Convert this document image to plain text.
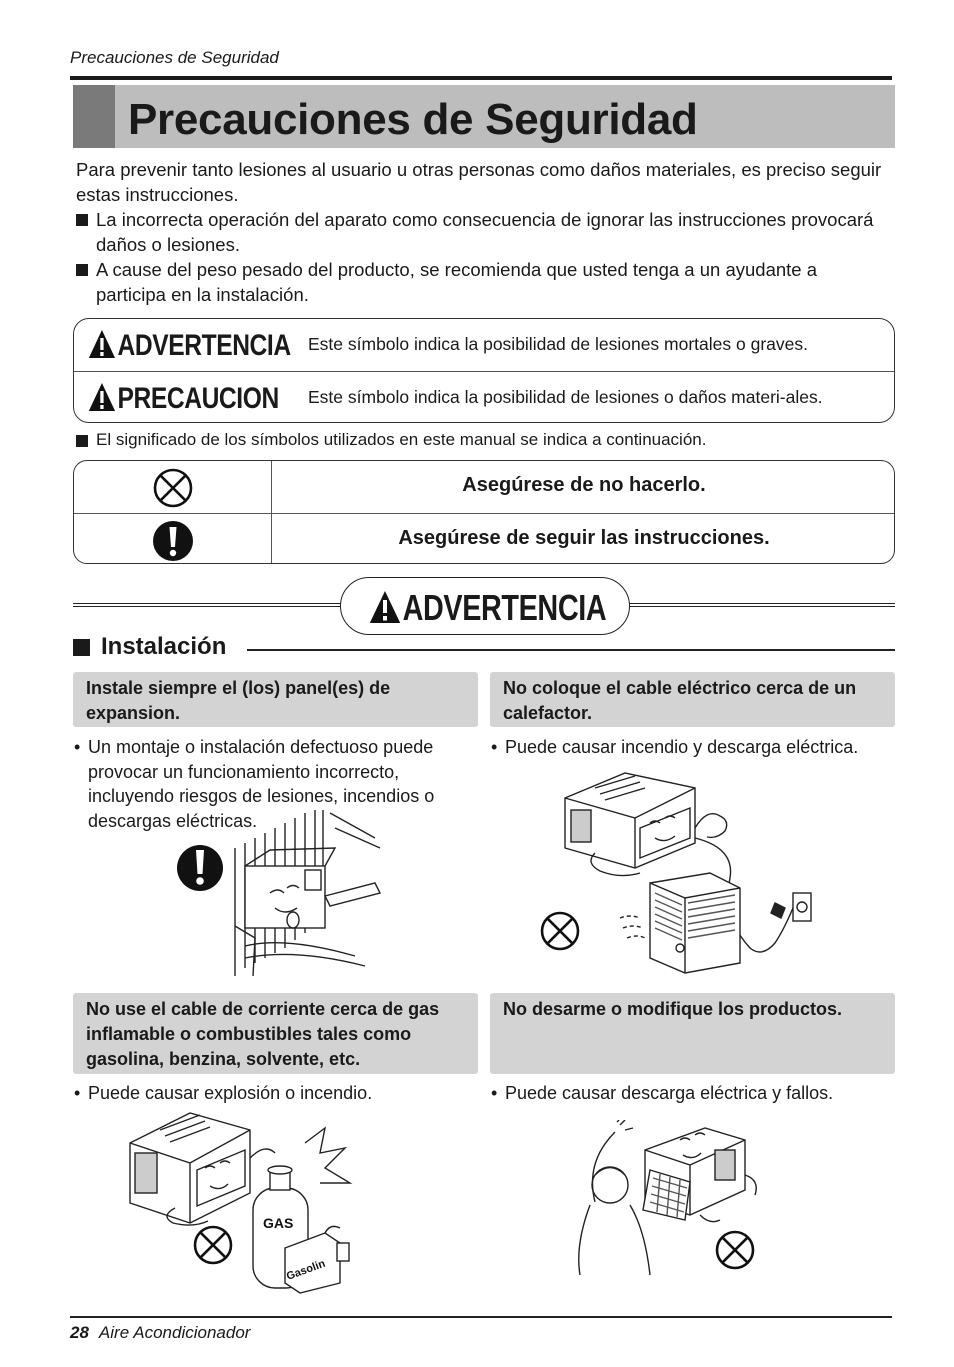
Precauciones de Seguridad
Precauciones de Seguridad
Para prevenir tanto lesiones al usuario u otras personas como daños materiales, es preciso seguir estas instrucciones.
La incorrecta operación del aparato como consecuencia de ignorar las instrucciones provocará daños o lesiones.
A cause del peso pesado del producto, se recomienda que usted tenga a un ayudante a participa en la instalación.
ADVERTENCIA Este símbolo indica la posibilidad de lesiones mortales o graves.
PRECAUCION Este símbolo indica la posibilidad de lesiones o daños materi-ales.
El significado de los símbolos utilizados en este manual se indica a continuación.
Asegúrese de no hacerlo.
Asegúrese de seguir las instrucciones.
ADVERTENCIA
Instalación
Instale siempre el (los) panel(es) de expansion.
• Un montaje o instalación defectuoso puede provocar un funcionamiento incorrecto, incluyendo riesgos de lesiones, incendios o descargas eléctricas.
No coloque el cable eléctrico cerca de un calefactor.
• Puede causar incendio y descarga eléctrica.
No use el cable de corriente cerca de gas inflamable o combustibles tales como gasolina, benzina, solvente, etc.
• Puede causar explosión o incendio.
GAS
Gasolin
No desarme o modifique los productos.
• Puede causar descarga eléctrica y fallos.
28 Aire Acondicionador
